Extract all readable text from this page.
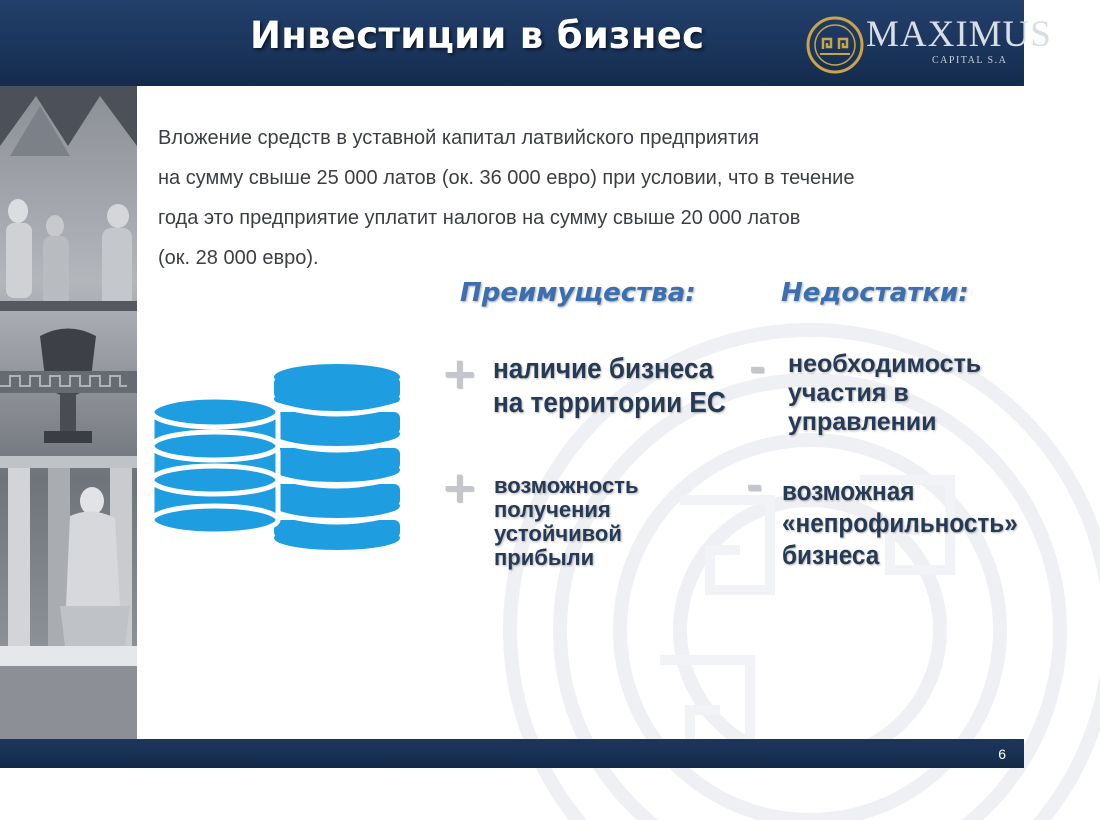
Инвестиции в бизнес	MAXIMUS
CAPITAL S.A
Вложение средств в уставной капитал латвийского предприятия
на сумму свыше 25 000 латов (ок. 36 000 евро) при условии, что в течение
года это предприятие уплатит налогов на сумму свыше 20 000 латов
(ок. 28 000 евро).
Преимущества:	Недостатки:
+
+
-
-
наличие бизнеса
на территории ЕС
возможность
получения
устойчивой
прибыли
необходимость
участия в
управлении
возможная
«непрофильность»
бизнеса
6
